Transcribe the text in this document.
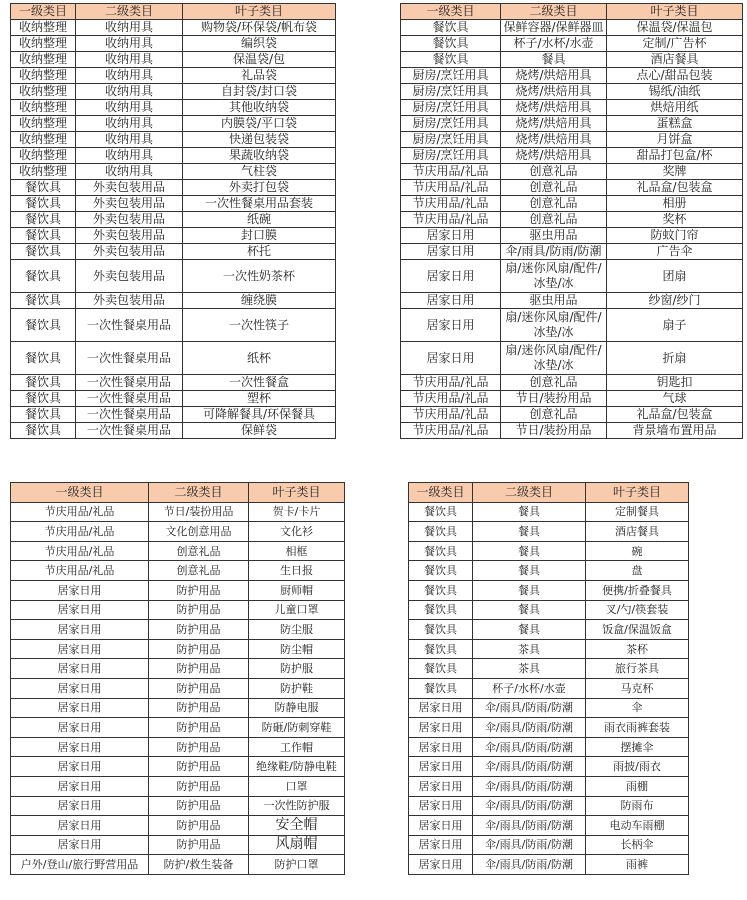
一级类目	二级类目	叶子类目
收纳整理	收纳用具	购物袋/环保袋/帆布袋
收纳整理	收纳用具	编织袋
收纳整理	收纳用具	保温袋/包
收纳整理	收纳用具	礼品袋
收纳整理	收纳用具	自封袋/封口袋
收纳整理	收纳用具	其他收纳袋
收纳整理	收纳用具	内膜袋/平口袋
收纳整理	收纳用具	快递包装袋
收纳整理	收纳用具	果蔬收纳袋
收纳整理	收纳用具	气柱袋
餐饮具	外卖包装用品	外卖打包袋
餐饮具	外卖包装用品	一次性餐桌用品套装
餐饮具	外卖包装用品	纸碗
餐饮具	外卖包装用品	封口膜
餐饮具	外卖包装用品	杯托
餐饮具	外卖包装用品	一次性奶茶杯
餐饮具	外卖包装用品	缠绕膜
餐饮具	一次性餐桌用品	一次性筷子
餐饮具	一次性餐桌用品	纸杯
餐饮具	一次性餐桌用品	一次性餐盒
餐饮具	一次性餐桌用品	塑杯
餐饮具	一次性餐桌用品	可降解餐具/环保餐具
餐饮具	一次性餐桌用品	保鲜袋
一级类目	二级类目	叶子类目
餐饮具	保鲜容器/保鲜器皿	保温袋/保温包
餐饮具	杯子/水杯/水壶	定制/广告杯
餐饮具	餐具	酒店餐具
厨房/烹饪用具	烧烤/烘焙用具	点心/甜品包装
厨房/烹饪用具	烧烤/烘焙用具	锡纸/油纸
厨房/烹饪用具	烧烤/烘焙用具	烘焙用纸
厨房/烹饪用具	烧烤/烘焙用具	蛋糕盒
厨房/烹饪用具	烧烤/烘焙用具	月饼盒
厨房/烹饪用具	烧烤/烘焙用具	甜品打包盒/杯
节庆用品/礼品	创意礼品	奖牌
节庆用品/礼品	创意礼品	礼品盒/包装盒
节庆用品/礼品	创意礼品	相册
节庆用品/礼品	创意礼品	奖杯
居家日用	驱虫用品	防蚊门帘
居家日用	伞/雨具/防雨/防潮	广告伞
居家日用	扇/迷你风扇/配件/冰垫/冰	团扇
居家日用	驱虫用品	纱窗/纱门
居家日用	扇/迷你风扇/配件/冰垫/冰	扇子
居家日用	扇/迷你风扇/配件/冰垫/冰	折扇
节庆用品/礼品	创意礼品	钥匙扣
节庆用品/礼品	节日/装扮用品	气球
节庆用品/礼品	创意礼品	礼品盒/包装盒
节庆用品/礼品	节日/装扮用品	背景墙布置用品
一级类目	二级类目	叶子类目
节庆用品/礼品	节日/装扮用品	贺卡/卡片
节庆用品/礼品	文化创意用品	文化衫
节庆用品/礼品	创意礼品	相框
节庆用品/礼品	创意礼品	生日报
居家日用	防护用品	厨师帽
居家日用	防护用品	儿童口罩
居家日用	防护用品	防尘服
居家日用	防护用品	防尘帽
居家日用	防护用品	防护服
居家日用	防护用品	防护鞋
居家日用	防护用品	防静电服
居家日用	防护用品	防砸/防刺穿鞋
居家日用	防护用品	工作帽
居家日用	防护用品	绝缘鞋/防静电鞋
居家日用	防护用品	口罩
居家日用	防护用品	一次性防护服
居家日用	防护用品	安全帽
居家日用	防护用品	风扇帽
户外/登山/旅行野营用品	防护/救生装备	防护口罩
一级类目	二级类目	叶子类目
餐饮具	餐具	定制餐具
餐饮具	餐具	酒店餐具
餐饮具	餐具	碗
餐饮具	餐具	盘
餐饮具	餐具	便携/折叠餐具
餐饮具	餐具	叉/勺/筷套装
餐饮具	餐具	饭盒/保温饭盒
餐饮具	茶具	茶杯
餐饮具	茶具	旅行茶具
餐饮具	杯子/水杯/水壶	马克杯
居家日用	伞/雨具/防雨/防潮	伞
居家日用	伞/雨具/防雨/防潮	雨衣雨裤套装
居家日用	伞/雨具/防雨/防潮	摆摊伞
居家日用	伞/雨具/防雨/防潮	雨披/雨衣
居家日用	伞/雨具/防雨/防潮	雨棚
居家日用	伞/雨具/防雨/防潮	防雨布
居家日用	伞/雨具/防雨/防潮	电动车雨棚
居家日用	伞/雨具/防雨/防潮	长柄伞
居家日用	伞/雨具/防雨/防潮	雨裤
